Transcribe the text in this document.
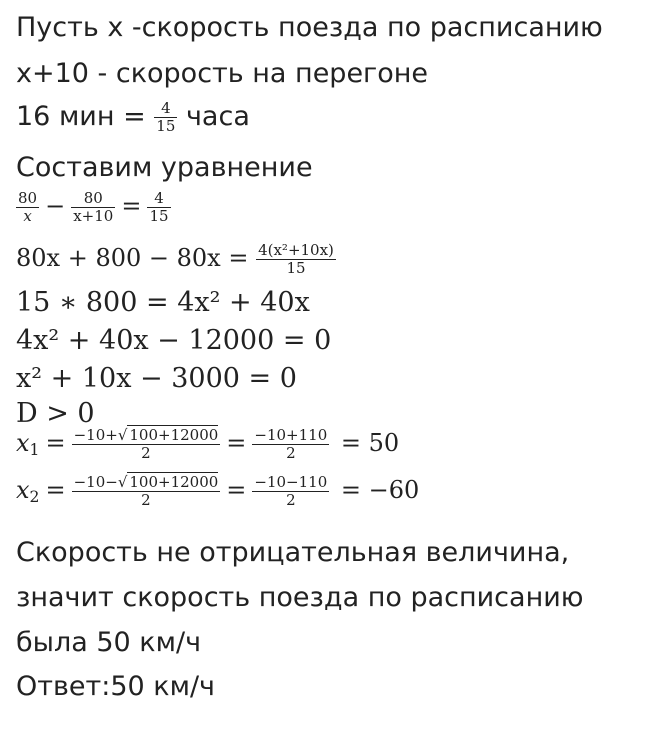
Пусть х -скорость поезда по расписанию
х+10 - скорость на перегоне
16 мин = $\frac{4}{15}$ часа
Составим уравнение
$\frac{80}{x} - \frac{80}{x+10} = \frac{4}{15}$
$80x + 800 - 80x = \frac{\text{4(x²+10x)}}{15}$
15 ∗ 800 = 4x² + 40x
4x² + 40x − 12000 = 0
x² + 10x − 3000 = 0
D > 0
$x_1 = \frac{-10+√ 100+12000}{2} = \frac{-10+110}{2} = 50$
$x_2 = \frac{-10-√ 100+12000}{2} = \frac{-10-110}{2} = -60$
Скорость не отрицательная величина,
значит скорость поезда по расписанию
была 50 км/ч
Ответ:50 км/ч
